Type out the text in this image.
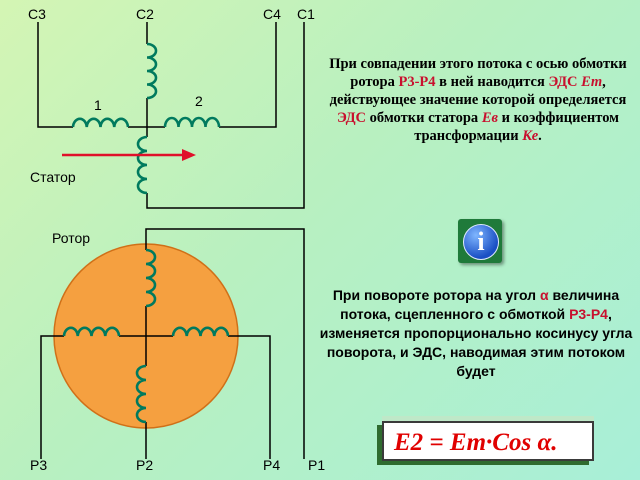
C3	C2	C4 C1
1	2
Статор
Ротор
P3	P2	P4 P1
При совпадении этого потока с осью обмотки ротора Р3-Р4 в ней наводится ЭДС Em, действующее значение которой определяется ЭДС обмотки статора Ев и коэффициентом трансформации Ке.
i
При повороте ротора на угол α величина потока, сцепленного с обмоткой Р3-Р4, изменяется пропорционально косинусу угла поворота, и ЭДС, наводимая этим потоком будет
E2 = Em·Cos α.
